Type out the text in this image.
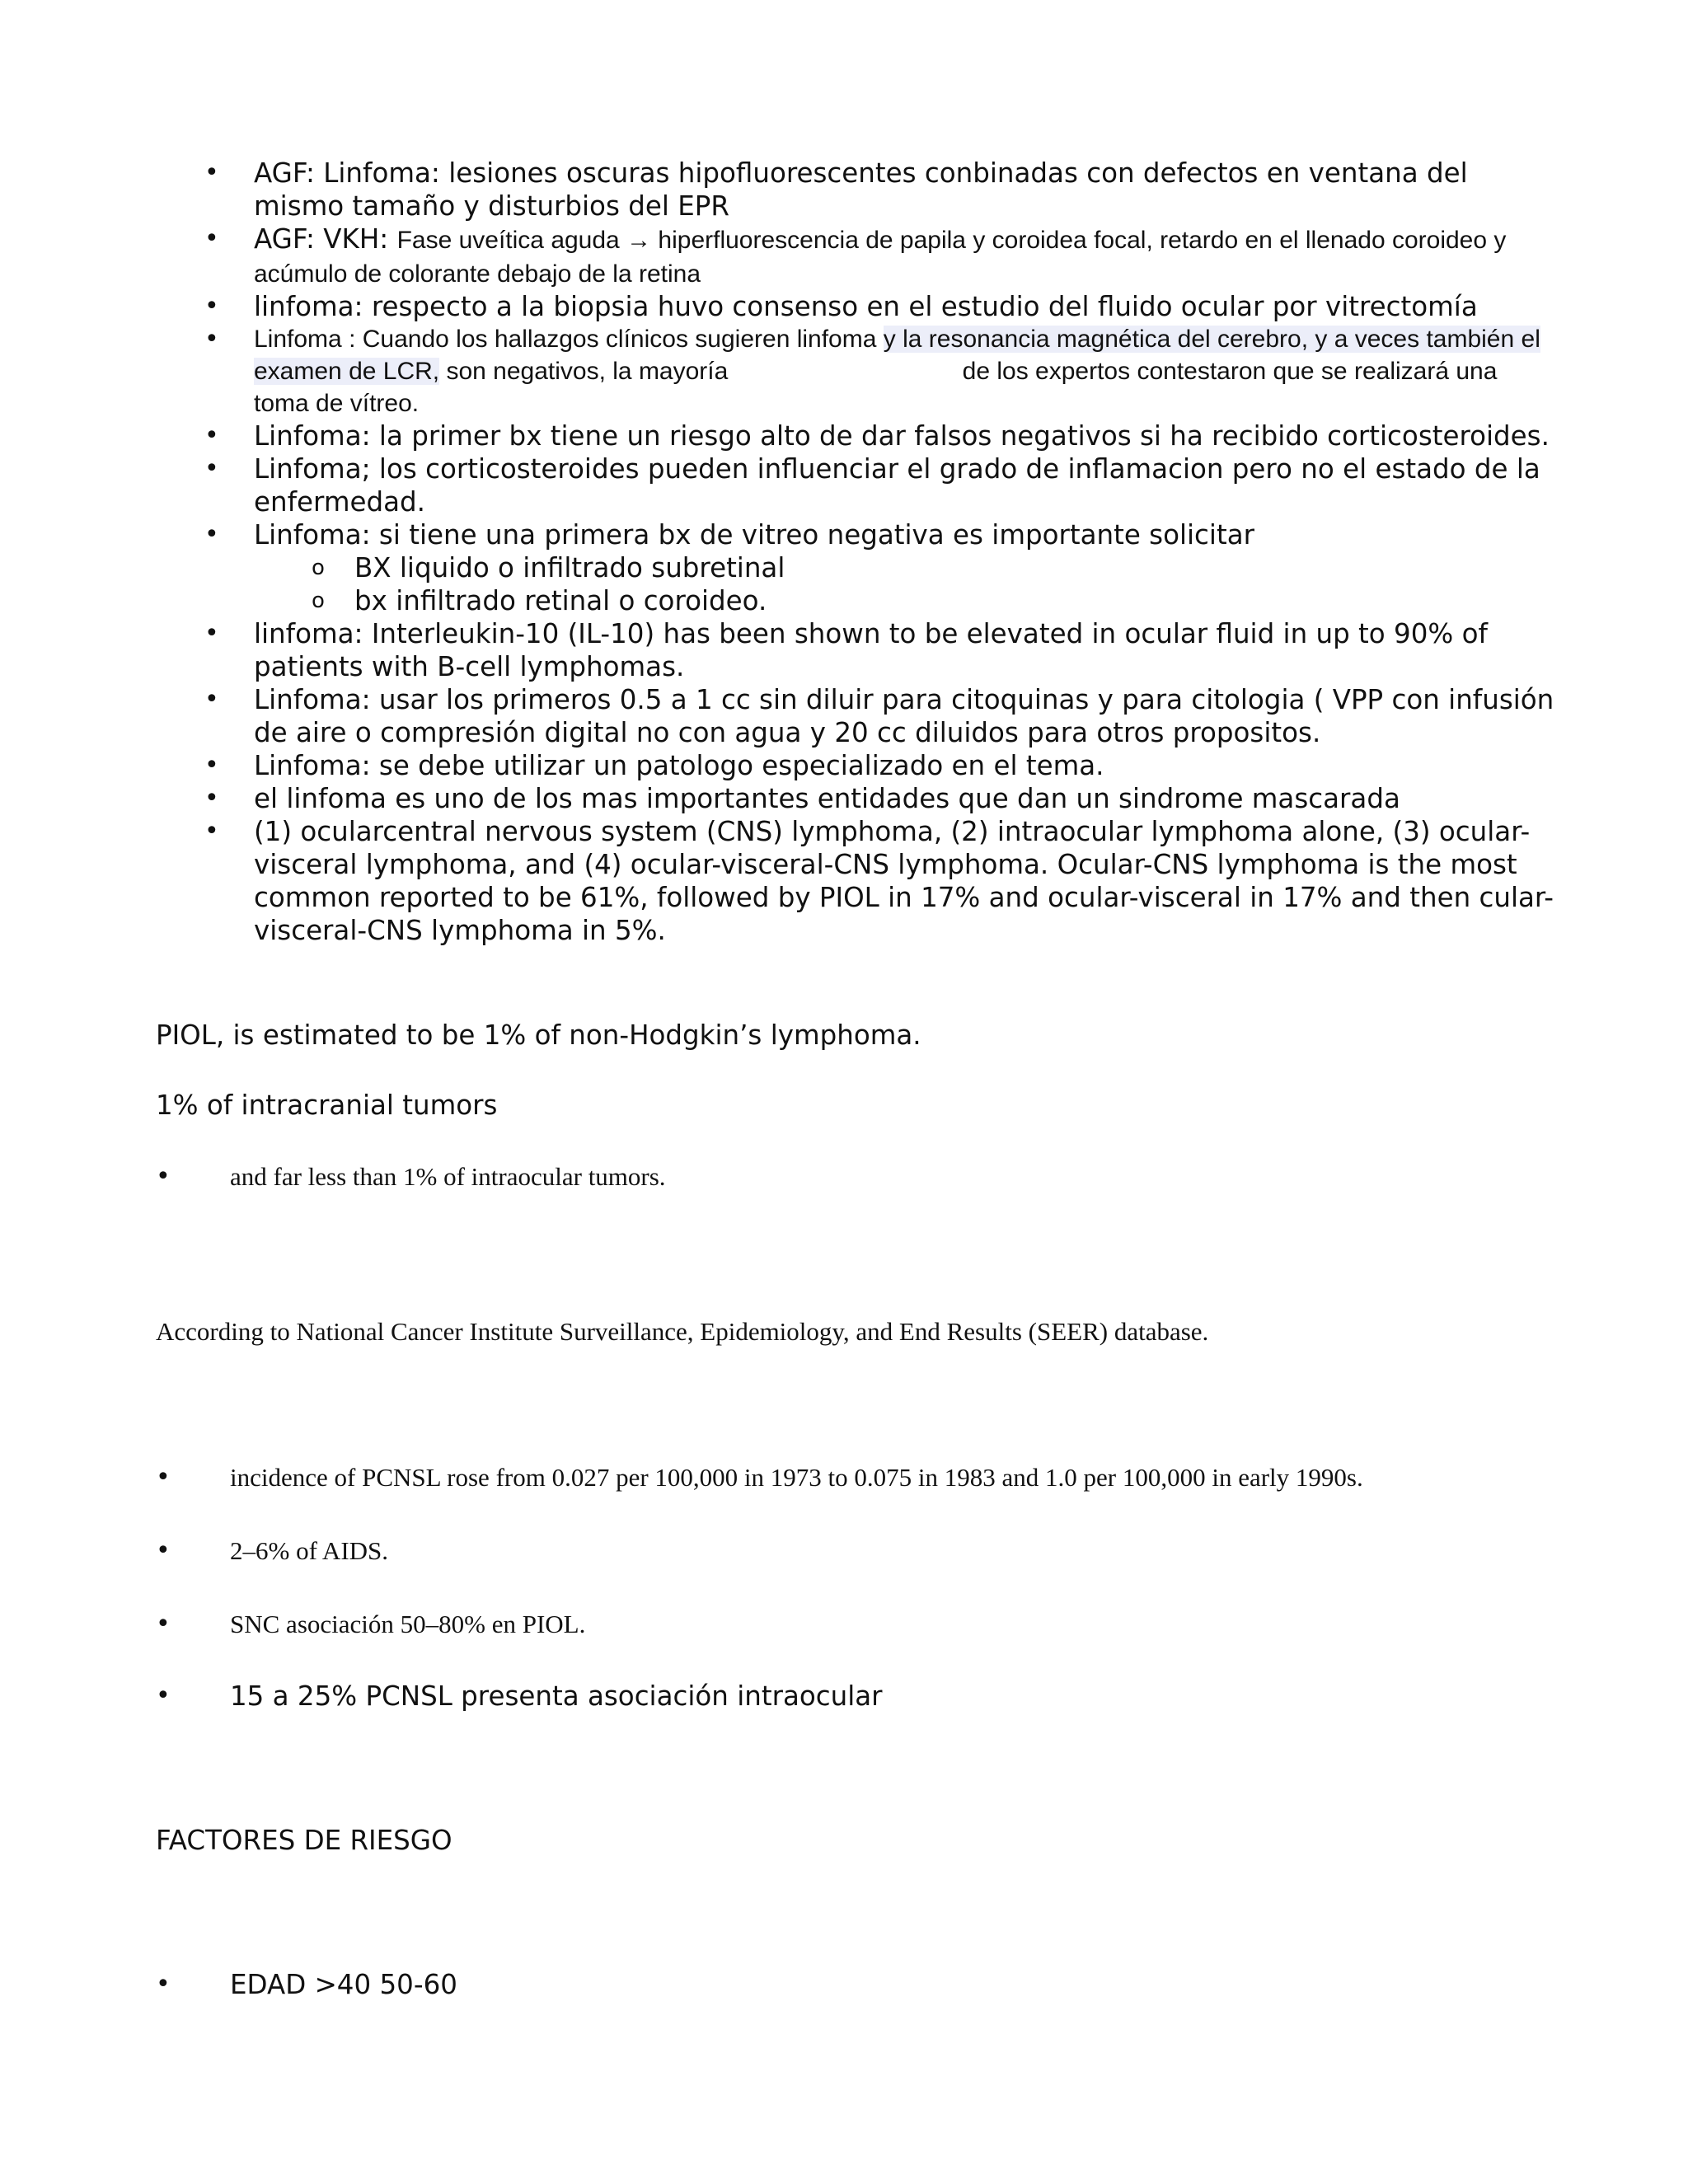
• AGF: Linfoma: lesiones oscuras hipofluorescentes conbinadas con defectos en ventana del mismo tamaño y disturbios del EPR
• AGF: VKH: Fase uveítica aguda → hiperfluorescencia de papila y coroidea focal, retardo en el llenado coroideo y acúmulo de colorante debajo de la retina
• linfoma: respecto a la biopsia huvo consenso en el estudio del fluido ocular por vitrectomía
• Linfoma : Cuando los hallazgos clínicos sugieren linfoma y la resonancia magnética del cerebro, y a veces también el examen de LCR, son negativos, la mayoría	de los expertos contestaron que se realizará una toma de vítreo.
• Linfoma: la primer bx tiene un riesgo alto de dar falsos negativos si ha recibido corticosteroides.
• Linfoma; los corticosteroides pueden influenciar el grado de inflamacion pero no el estado de la enfermedad.
• Linfoma: si tiene una primera bx de vitreo negativa es importante solicitar
o BX liquido o infiltrado subretinal
o bx infiltrado retinal o coroideo.
• linfoma: Interleukin-10 (IL-10) has been shown to be elevated in ocular fluid in up to 90% of patients with B-cell lymphomas.
• Linfoma: usar los primeros 0.5 a 1 cc sin diluir para citoquinas y para citologia ( VPP con infusión de aire o compresión digital no con agua y 20 cc diluidos para otros propositos.
• Linfoma: se debe utilizar un patologo especializado en el tema.
• el linfoma es uno de los mas importantes entidades que dan un sindrome mascarada
• (1) ocularcentral nervous system (CNS) lymphoma, (2) intraocular lymphoma alone, (3) ocular-visceral lymphoma, and (4) ocular-visceral-CNS lymphoma. Ocular-CNS lymphoma is the most common reported to be 61%, followed by PIOL in 17% and ocular-visceral in 17% and then cular-visceral-CNS lymphoma in 5%.

PIOL, is estimated to be 1% of non-Hodgkin’s lymphoma.

1% of intracranial tumors

• and far less than 1% of intraocular tumors.

According to National Cancer Institute Surveillance, Epidemiology, and End Results (SEER) database.

• incidence of PCNSL rose from 0.027 per 100,000 in 1973 to 0.075 in 1983 and 1.0 per 100,000 in early 1990s.

• 2–6% of AIDS.

• SNC asociación 50–80% en PIOL.

• 15 a 25% PCNSL presenta asociación intraocular

FACTORES DE RIESGO

• EDAD >40 50-60
